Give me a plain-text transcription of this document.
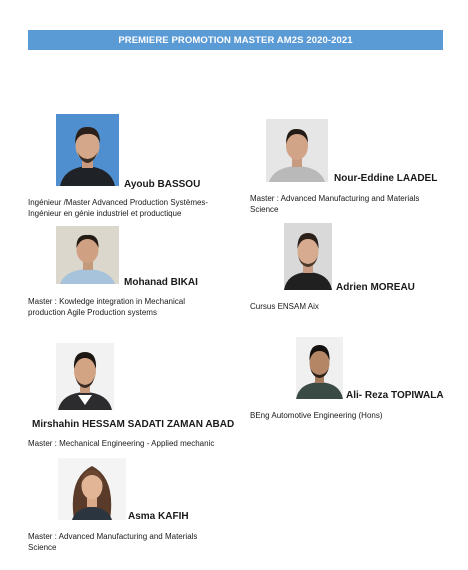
PREMIERE PROMOTION MASTER AM2S 2020-2021
Ayoub BASSOU
Ingénieur /Master Advanced Production Systèmes-
Ingénieur en génie industriel et productique
Nour-Eddine LAADEL
Master : Advanced Manufacturing and Materials
Science
Mohanad BIKAI
Master : Kowledge integration in Mechanical
production Agile Production systems
Adrien MOREAU
Cursus ENSAM Aix
Mirshahin HESSAM SADATI ZAMAN ABAD
Master : Mechanical Engineering - Applied mechanic
Ali- Reza TOPIWALA
BEng Automotive Engineering (Hons)
Asma KAFIH
Master : Advanced Manufacturing and Materials
Science
